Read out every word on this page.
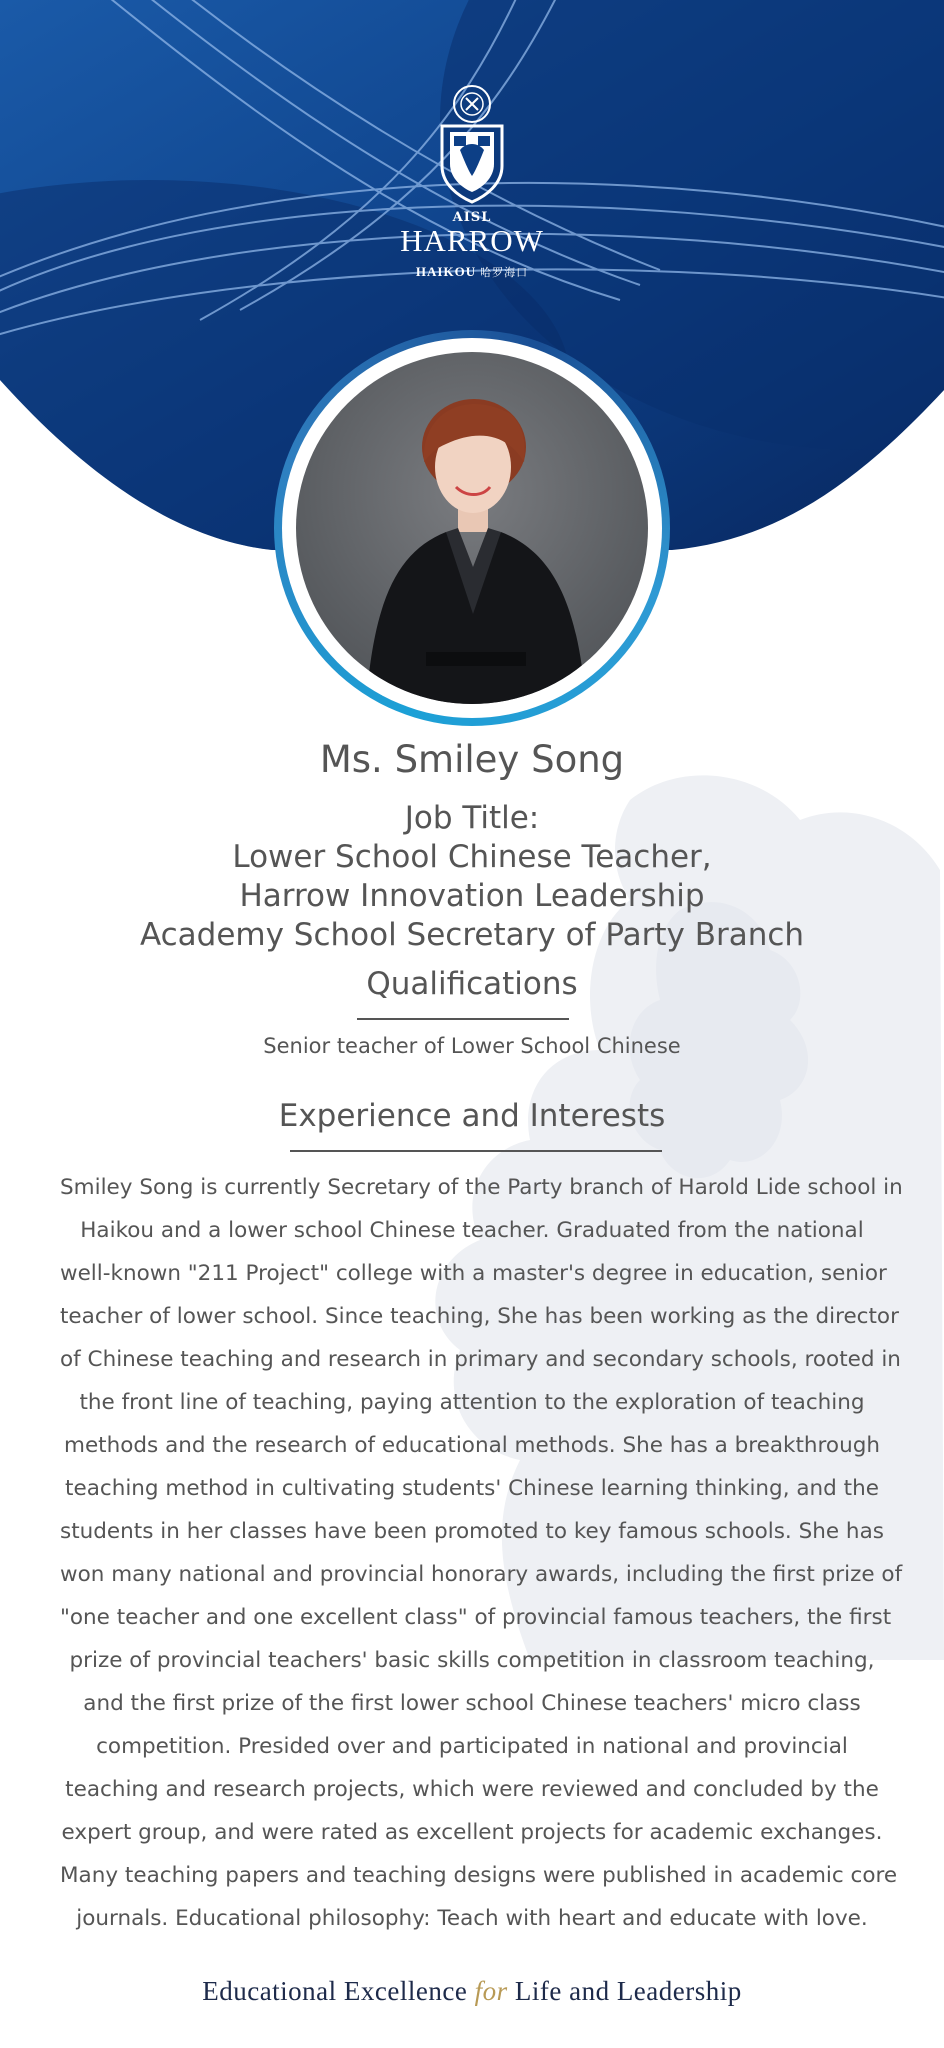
AISL
HARROW
HAIKOU 哈罗海口
Ms. Smiley Song
Job Title:
Lower School Chinese Teacher,
Harrow Innovation Leadership
Academy School Secretary of Party Branch
Qualifications
Senior teacher of Lower School Chinese
Experience and Interests
Smiley Song is currently Secretary of the Party branch of Harold Lide school in
Haikou and a lower school Chinese teacher. Graduated from the national
well-known "211 Project" college with a master's degree in education, senior
teacher of lower school. Since teaching, She has been working as the director
of Chinese teaching and research in primary and secondary schools, rooted in
the front line of teaching, paying attention to the exploration of teaching
methods and the research of educational methods. She has a breakthrough
teaching method in cultivating students' Chinese learning thinking, and the
students in her classes have been promoted to key famous schools. She has
won many national and provincial honorary awards, including the first prize of
"one teacher and one excellent class" of provincial famous teachers, the first
prize of provincial teachers' basic skills competition in classroom teaching,
and the first prize of the first lower school Chinese teachers' micro class
competition. Presided over and participated in national and provincial
teaching and research projects, which were reviewed and concluded by the
expert group, and were rated as excellent projects for academic exchanges.
Many teaching papers and teaching designs were published in academic core
journals. Educational philosophy: Teach with heart and educate with love.
Educational Excellence for Life and Leadership
